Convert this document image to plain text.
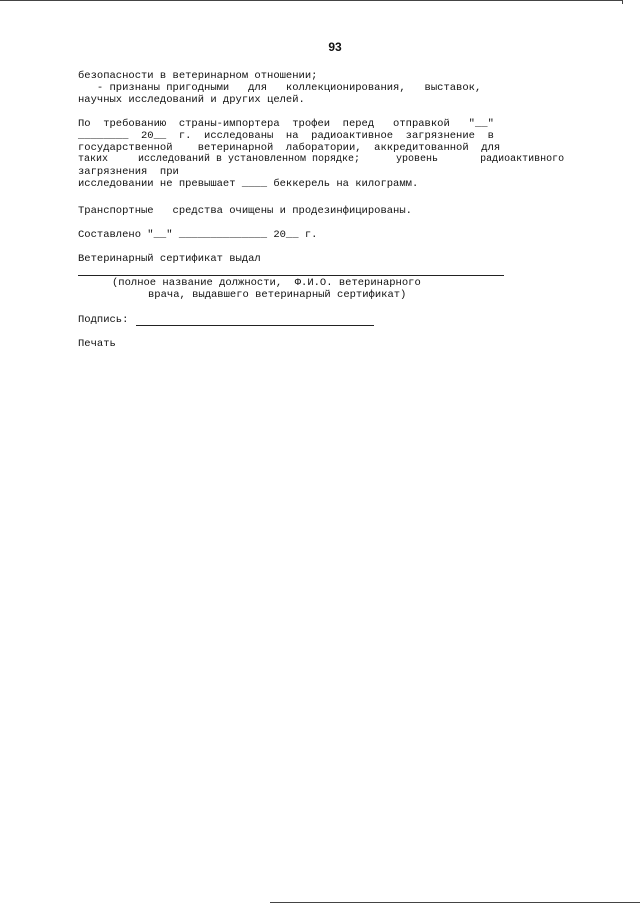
93
безопасности в ветеринарном отношении;
- признаны пригодными   для   коллекционирования,   выставок,
научных исследований и других целей.
По  требованию  страны-импортера  трофеи  перед   отправкой   "__"
________  20__  г.  исследованы  на  радиоактивное  загрязнение  в
государственной    ветеринарной  лаборатории,  аккредитованной  для
таких     исследований в установленном порядке;      уровень       радиоактивного
загрязнения  при
исследовании не превышает ____ беккерель на килограмм.
Транспортные   средства очищены и продезинфицированы.
Составлено "__" ______________ 20__ г.
Ветеринарный сертификат выдал
(полное название должности,  Ф.И.О. ветеринарного
врача, выдавшего ветеринарный сертификат)
Подпись:
Печать
